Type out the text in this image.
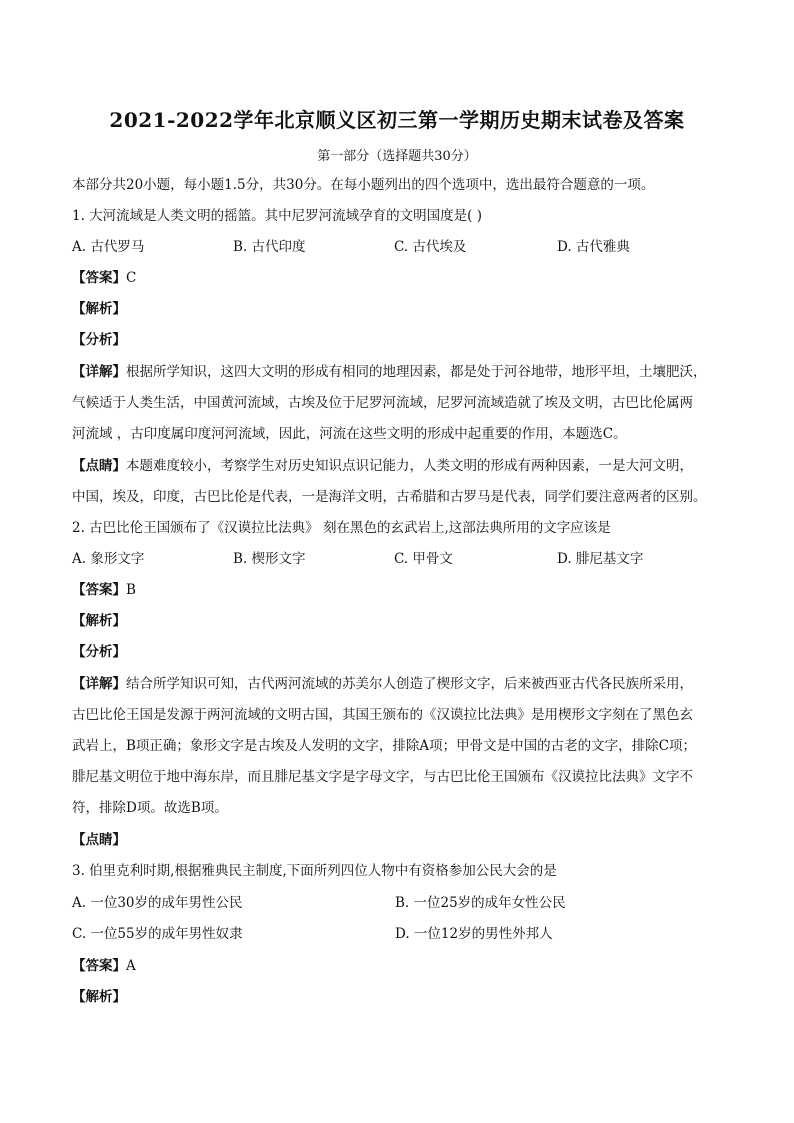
2021-2022学年北京顺义区初三第一学期历史期末试卷及答案
第一部分（选择题共30分）
本部分共20小题，每小题1.5分，共30分。在每小题列出的四个选项中，选出最符合题意的一项。
1. 大河流域是人类文明的摇篮。其中尼罗河流域孕育的文明国度是( )
A. 古代罗马	B. 古代印度	C. 古代埃及	D. 古代雅典
【答案】C
【解析】
【分析】
【详解】根据所学知识，这四大文明的形成有相同的地理因素，都是处于河谷地带，地形平坦，土壤肥沃，
气候适于人类生活，中国黄河流域，古埃及位于尼罗河流域，尼罗河流域造就了埃及文明，古巴比伦属两
河流域 ，古印度属印度河河流域，因此，河流在这些文明的形成中起重要的作用，本题选C。
【点睛】本题难度较小，考察学生对历史知识点识记能力，人类文明的形成有两种因素，一是大河文明，
中国，埃及，印度，古巴比伦是代表，一是海洋文明，古希腊和古罗马是代表，同学们要注意两者的区别。
2. 古巴比伦王国颁布了《汉谟拉比法典》 刻在黑色的玄武岩上,这部法典所用的文字应该是
A. 象形文字	B. 楔形文字	C. 甲骨文	D. 腓尼基文字
【答案】B
【解析】
【分析】
【详解】结合所学知识可知，古代两河流域的苏美尔人创造了楔形文字，后来被西亚古代各民族所采用，
古巴比伦王国是发源于两河流域的文明古国，其国王颁布的《汉谟拉比法典》是用楔形文字刻在了黑色玄
武岩上，B项正确；象形文字是古埃及人发明的文字，排除A项；甲骨文是中国的古老的文字，排除C项；
腓尼基文明位于地中海东岸，而且腓尼基文字是字母文字，与古巴比伦王国颁布《汉谟拉比法典》文字不
符，排除D项。故选B项。
【点睛】
3. 伯里克利时期,根据雅典民主制度,下面所列四位人物中有资格参加公民大会的是
A. 一位30岁的成年男性公民	B. 一位25岁的成年女性公民
C. 一位55岁的成年男性奴隶	D. 一位12岁的男性外邦人
【答案】A
【解析】
